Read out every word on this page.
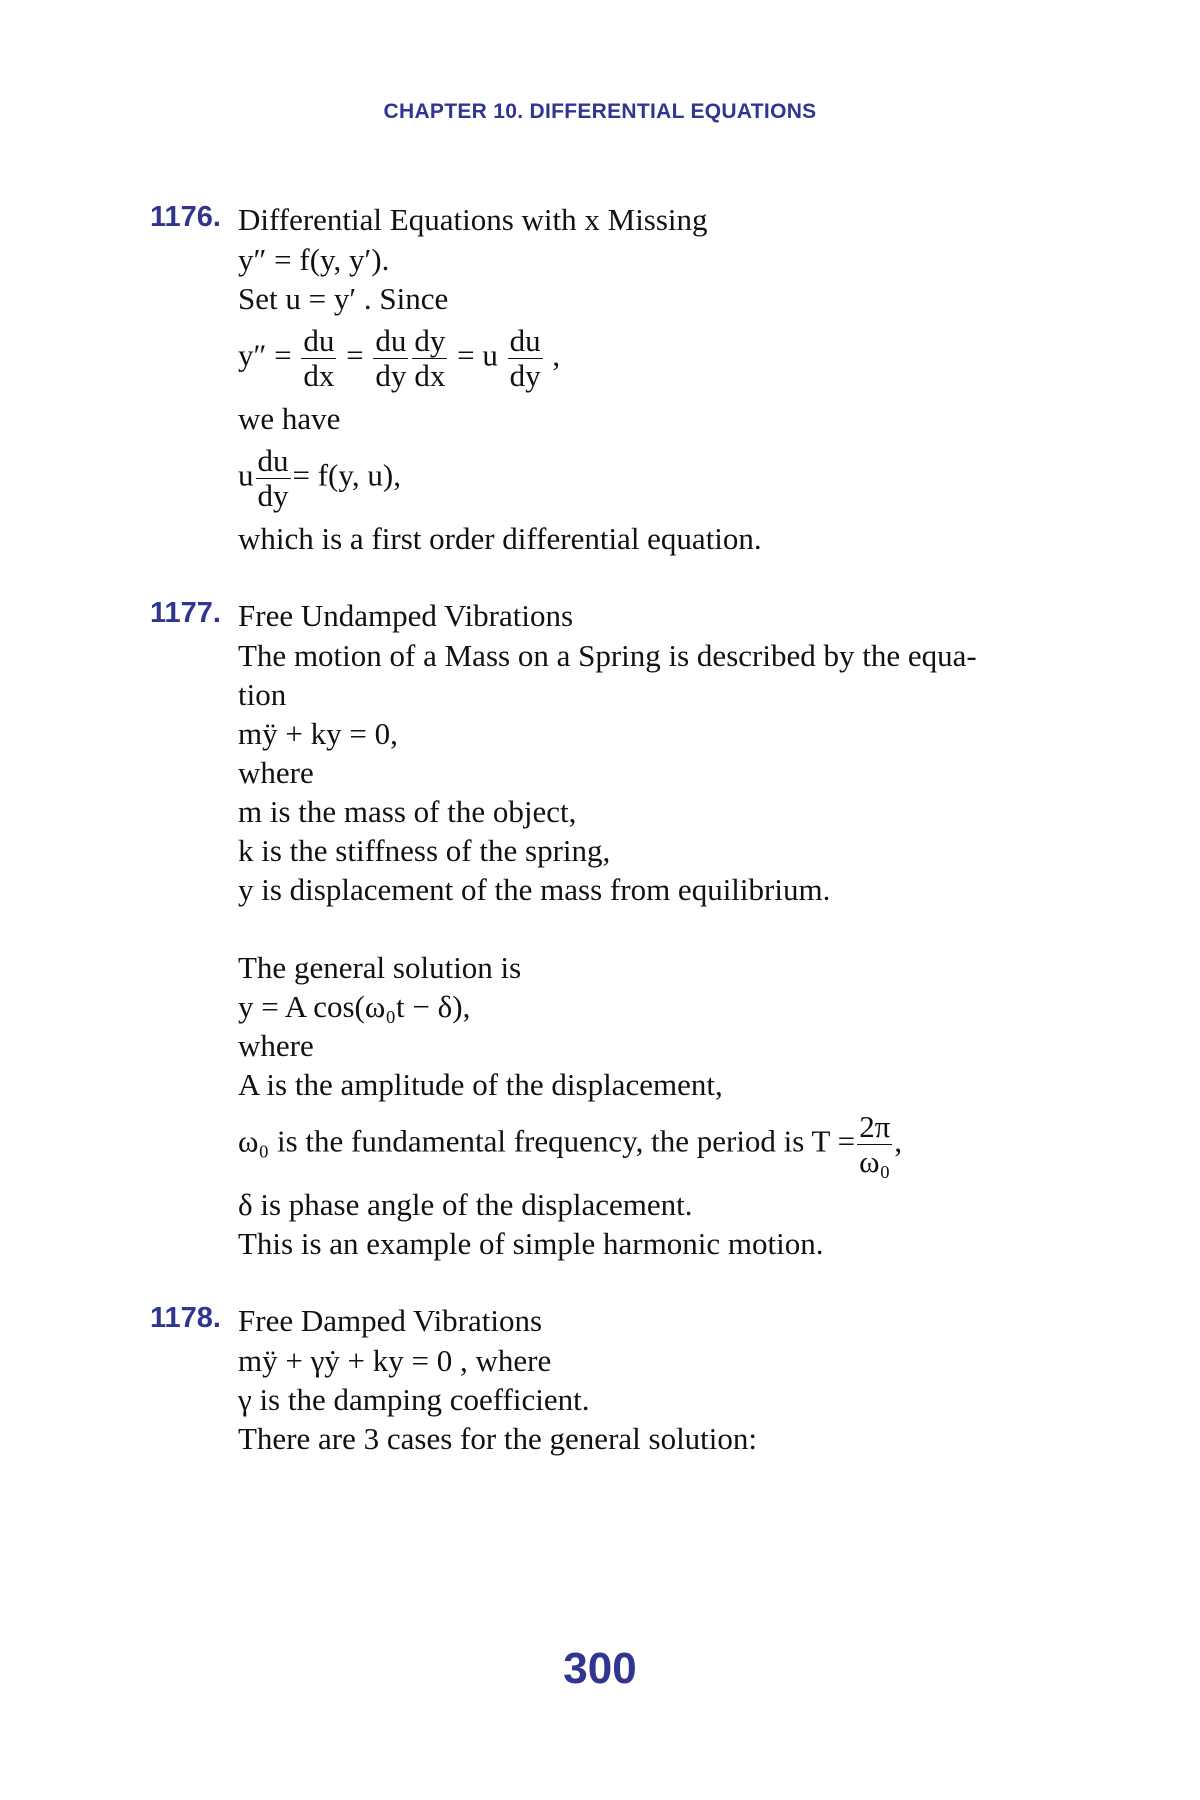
CHAPTER 10. DIFFERENTIAL EQUATIONS
1176. Differential Equations with x Missing
y″ = f(y, y′).
Set u = y′ . Since
$y'' = \frac{du}{dx} = \frac{du}{dy} \frac{dy}{dx} = u \frac{du}{dy}$ ,
we have
u $\frac{du}{dy} = f(y$, u),
which is a first order differential equation.
1177. Free Undamped Vibrations
The motion of a Mass on a Spring is described by the equa-
tion
mÿ + ky = 0,
where
m is the mass of the object,
k is the stiffness of the spring,
y is displacement of the mass from equilibrium.
The general solution is
y = A cos(ω₀t − δ),
where
A is the amplitude of the displacement,
ω₀ is the fundamental frequency, the period is $T = \frac{2\pi}{\text{ω₀}}$ ,
δ is phase angle of the displacement.
This is an example of simple harmonic motion.
1178. Free Damped Vibrations
mÿ + γẏ + ky = 0 , where
γ is the damping coefficient.
There are 3 cases for the general solution:
300
